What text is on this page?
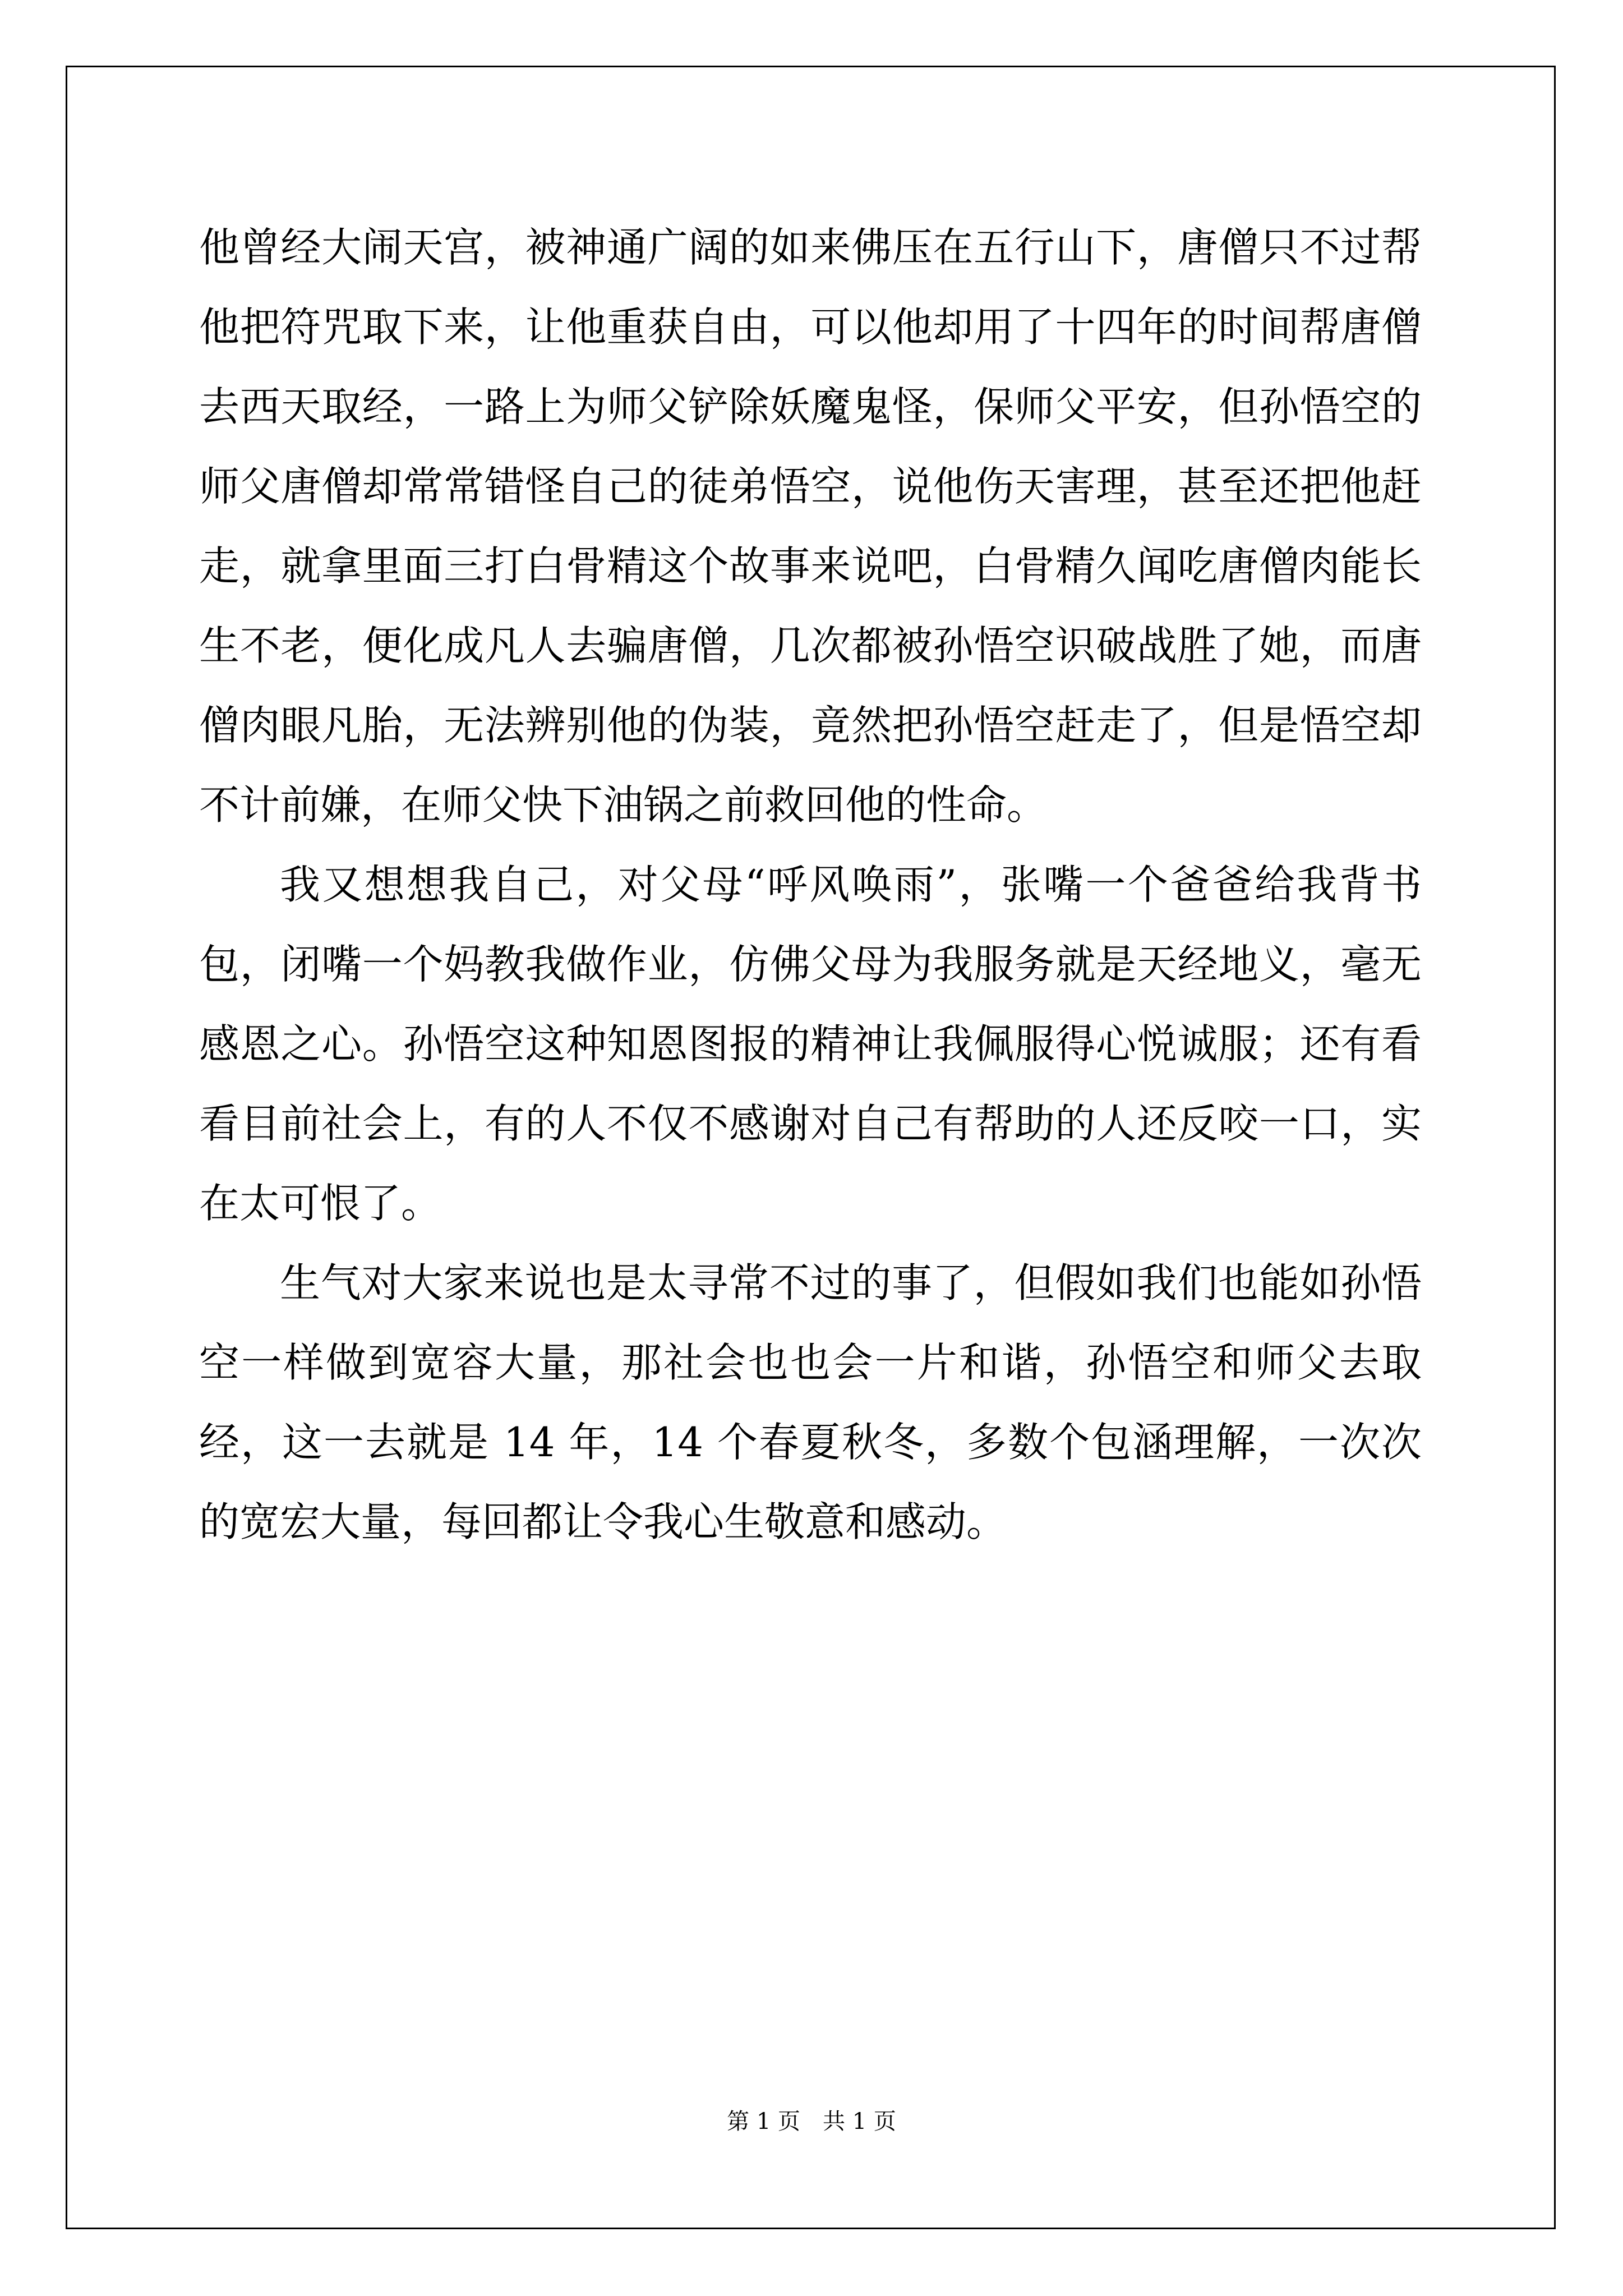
他曾经大闹天宫，被神通广阔的如来佛压在五行山下，唐僧只不过帮他把符咒取下来，让他重获自由，可以他却用了十四年的时间帮唐僧去西天取经，一路上为师父铲除妖魔鬼怪，保师父平安，但孙悟空的师父唐僧却常常错怪自己的徒弟悟空，说他伤天害理，甚至还把他赶走，就拿里面三打白骨精这个故事来说吧，白骨精久闻吃唐僧肉能长生不老，便化成凡人去骗唐僧，几次都被孙悟空识破战胜了她，而唐僧肉眼凡胎，无法辨别他的伪装，竟然把孙悟空赶走了，但是悟空却不计前嫌，在师父快下油锅之前救回他的性命。

我又想想我自己，对父母“呼风唤雨”，张嘴一个爸爸给我背书包，闭嘴一个妈教我做作业，仿佛父母为我服务就是天经地义，毫无感恩之心。孙悟空这种知恩图报的精神让我佩服得心悦诚服；还有看看目前社会上，有的人不仅不感谢对自己有帮助的人还反咬一口，实在太可恨了。

生气对大家来说也是太寻常不过的事了，但假如我们也能如孙悟空一样做到宽容大量，那社会也也会一片和谐，孙悟空和师父去取经，这一去就是 14 年，14 个春夏秋冬，多数个包涵理解，一次次的宽宏大量，每回都让令我心生敬意和感动。

第 1 页　共 1 页
